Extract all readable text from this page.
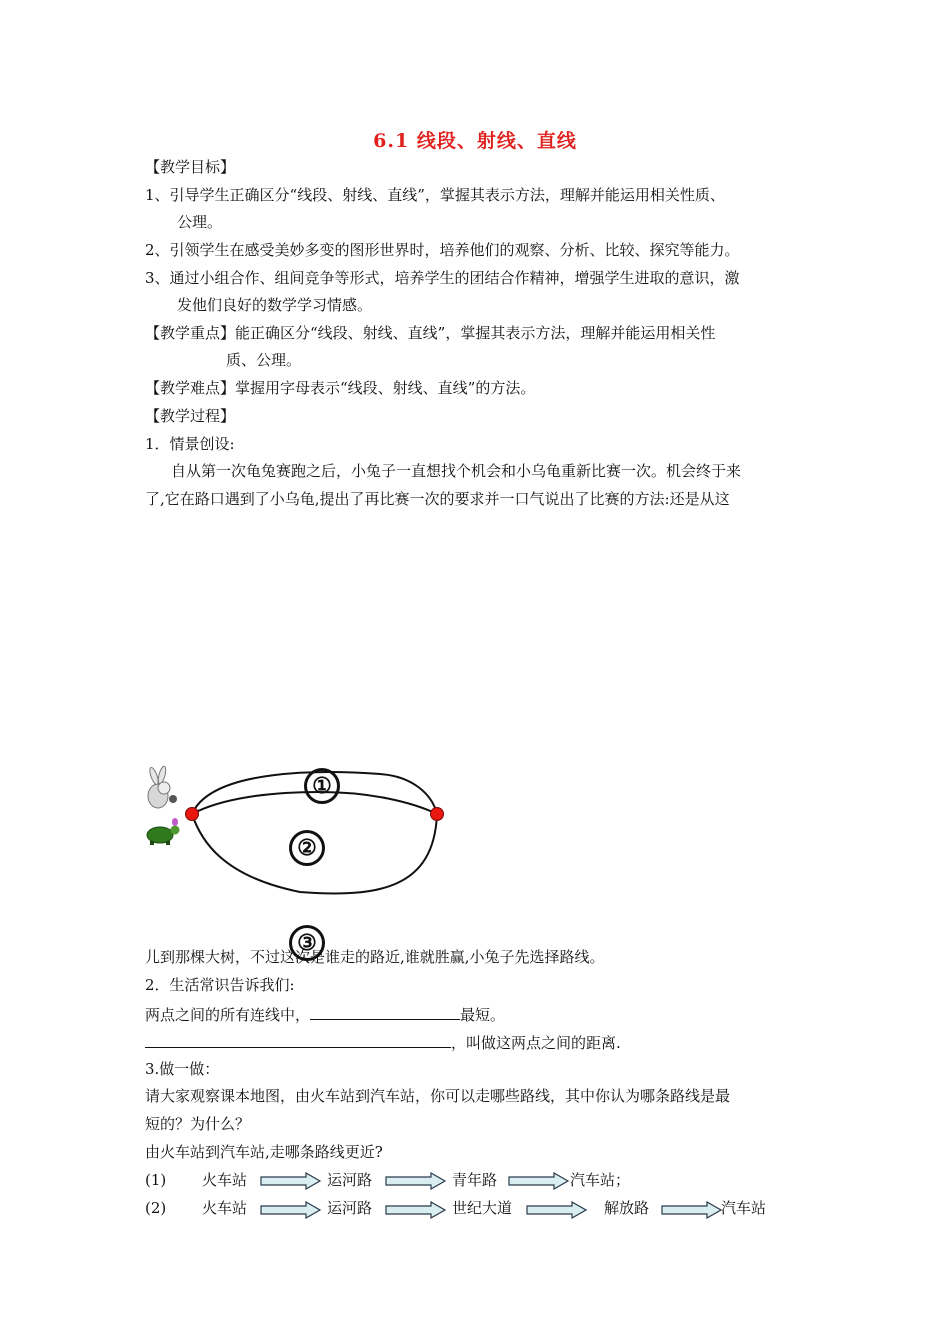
6.1 线段、射线、直线
【教学目标】
1、引导学生正确区分“线段、射线、直线”，掌握其表示方法，理解并能运用相关性质、
公理。
2、引领学生在感受美妙多变的图形世界时，培养他们的观察、分析、比较、探究等能力。
3、通过小组合作、组间竞争等形式，培养学生的团结合作精神，增强学生进取的意识，激
发他们良好的数学学习情感。
【教学重点】能正确区分“线段、射线、直线”，掌握其表示方法，理解并能运用相关性
质、公理。
【教学难点】掌握用字母表示“线段、射线、直线”的方法。
【教学过程】
1．情景创设:
自从第一次龟兔赛跑之后，小兔子一直想找个机会和小乌龟重新比赛一次。机会终于来
了,它在路口遇到了小乌龟,提出了再比赛一次的要求并一口气说出了比赛的方法:还是从这
①
②
③
儿到那棵大树，不过这次是谁走的路近,谁就胜赢,小兔子先选择路线。
2．生活常识告诉我们:
两点之间的所有连线中，	最短。
，叫做这两点之间的距离.
3.做一做：
请大家观察课本地图，由火车站到汽车站，你可以走哪些路线，其中你认为哪条路线是最
短的？为什么？
由火车站到汽车站,走哪条路线更近?
(1) 火车站	运河路	青年路	汽车站；
(2) 火车站	运河路	世纪大道	解放路	汽车站
